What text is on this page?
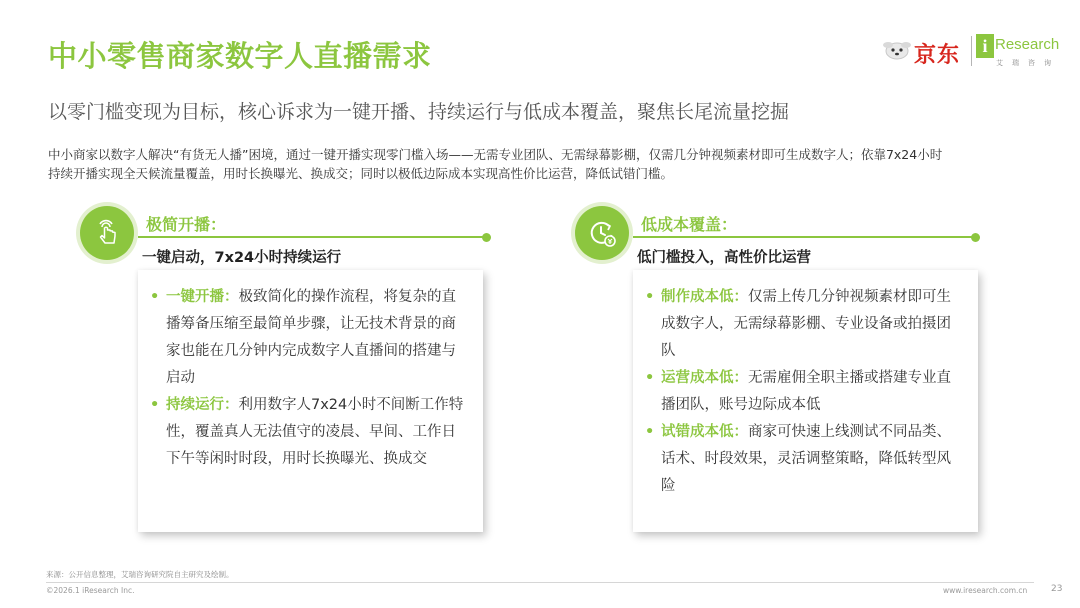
中小零售商家数字人直播需求	京东	i Research
艾瑞咨询
以零门槛变现为目标，核心诉求为一键开播、持续运行与低成本覆盖，聚焦长尾流量挖掘

中小商家以数字人解决“有货无人播”困境，通过一键开播实现零门槛入场——无需专业团队、无需绿幕影棚，仅需几分钟视频素材即可生成数字人；依靠7x24小时

持续开播实现全天候流量覆盖，用时长换曝光、换成交；同时以极低边际成本实现高性价比运营，降低试错门槛。

极简开播：
一键启动，7x24小时持续运行
• 一键开播：极致简化的操作流程，将复杂的直播筹备压缩至最简单步骤，让无技术背景的商家也能在几分钟内完成数字人直播间的搭建与启动
• 持续运行：利用数字人7x24小时不间断工作特性，覆盖真人无法值守的凌晨、早间、工作日下午等闲时时段，用时长换曝光、换成交
低成本覆盖：
低门槛投入，高性价比运营
• 制作成本低：仅需上传几分钟视频素材即可生成数字人，无需绿幕影棚、专业设备或拍摄团队
• 运营成本低：无需雇佣全职主播或搭建专业直播团队，账号边际成本低
• 试错成本低：商家可快速上线测试不同品类、话术、时段效果，灵活调整策略，降低转型风险
来源：公开信息整理，艾瑞咨询研究院自主研究及绘制。
©2026.1 iResearch Inc.	www.iresearch.com.cn	23
